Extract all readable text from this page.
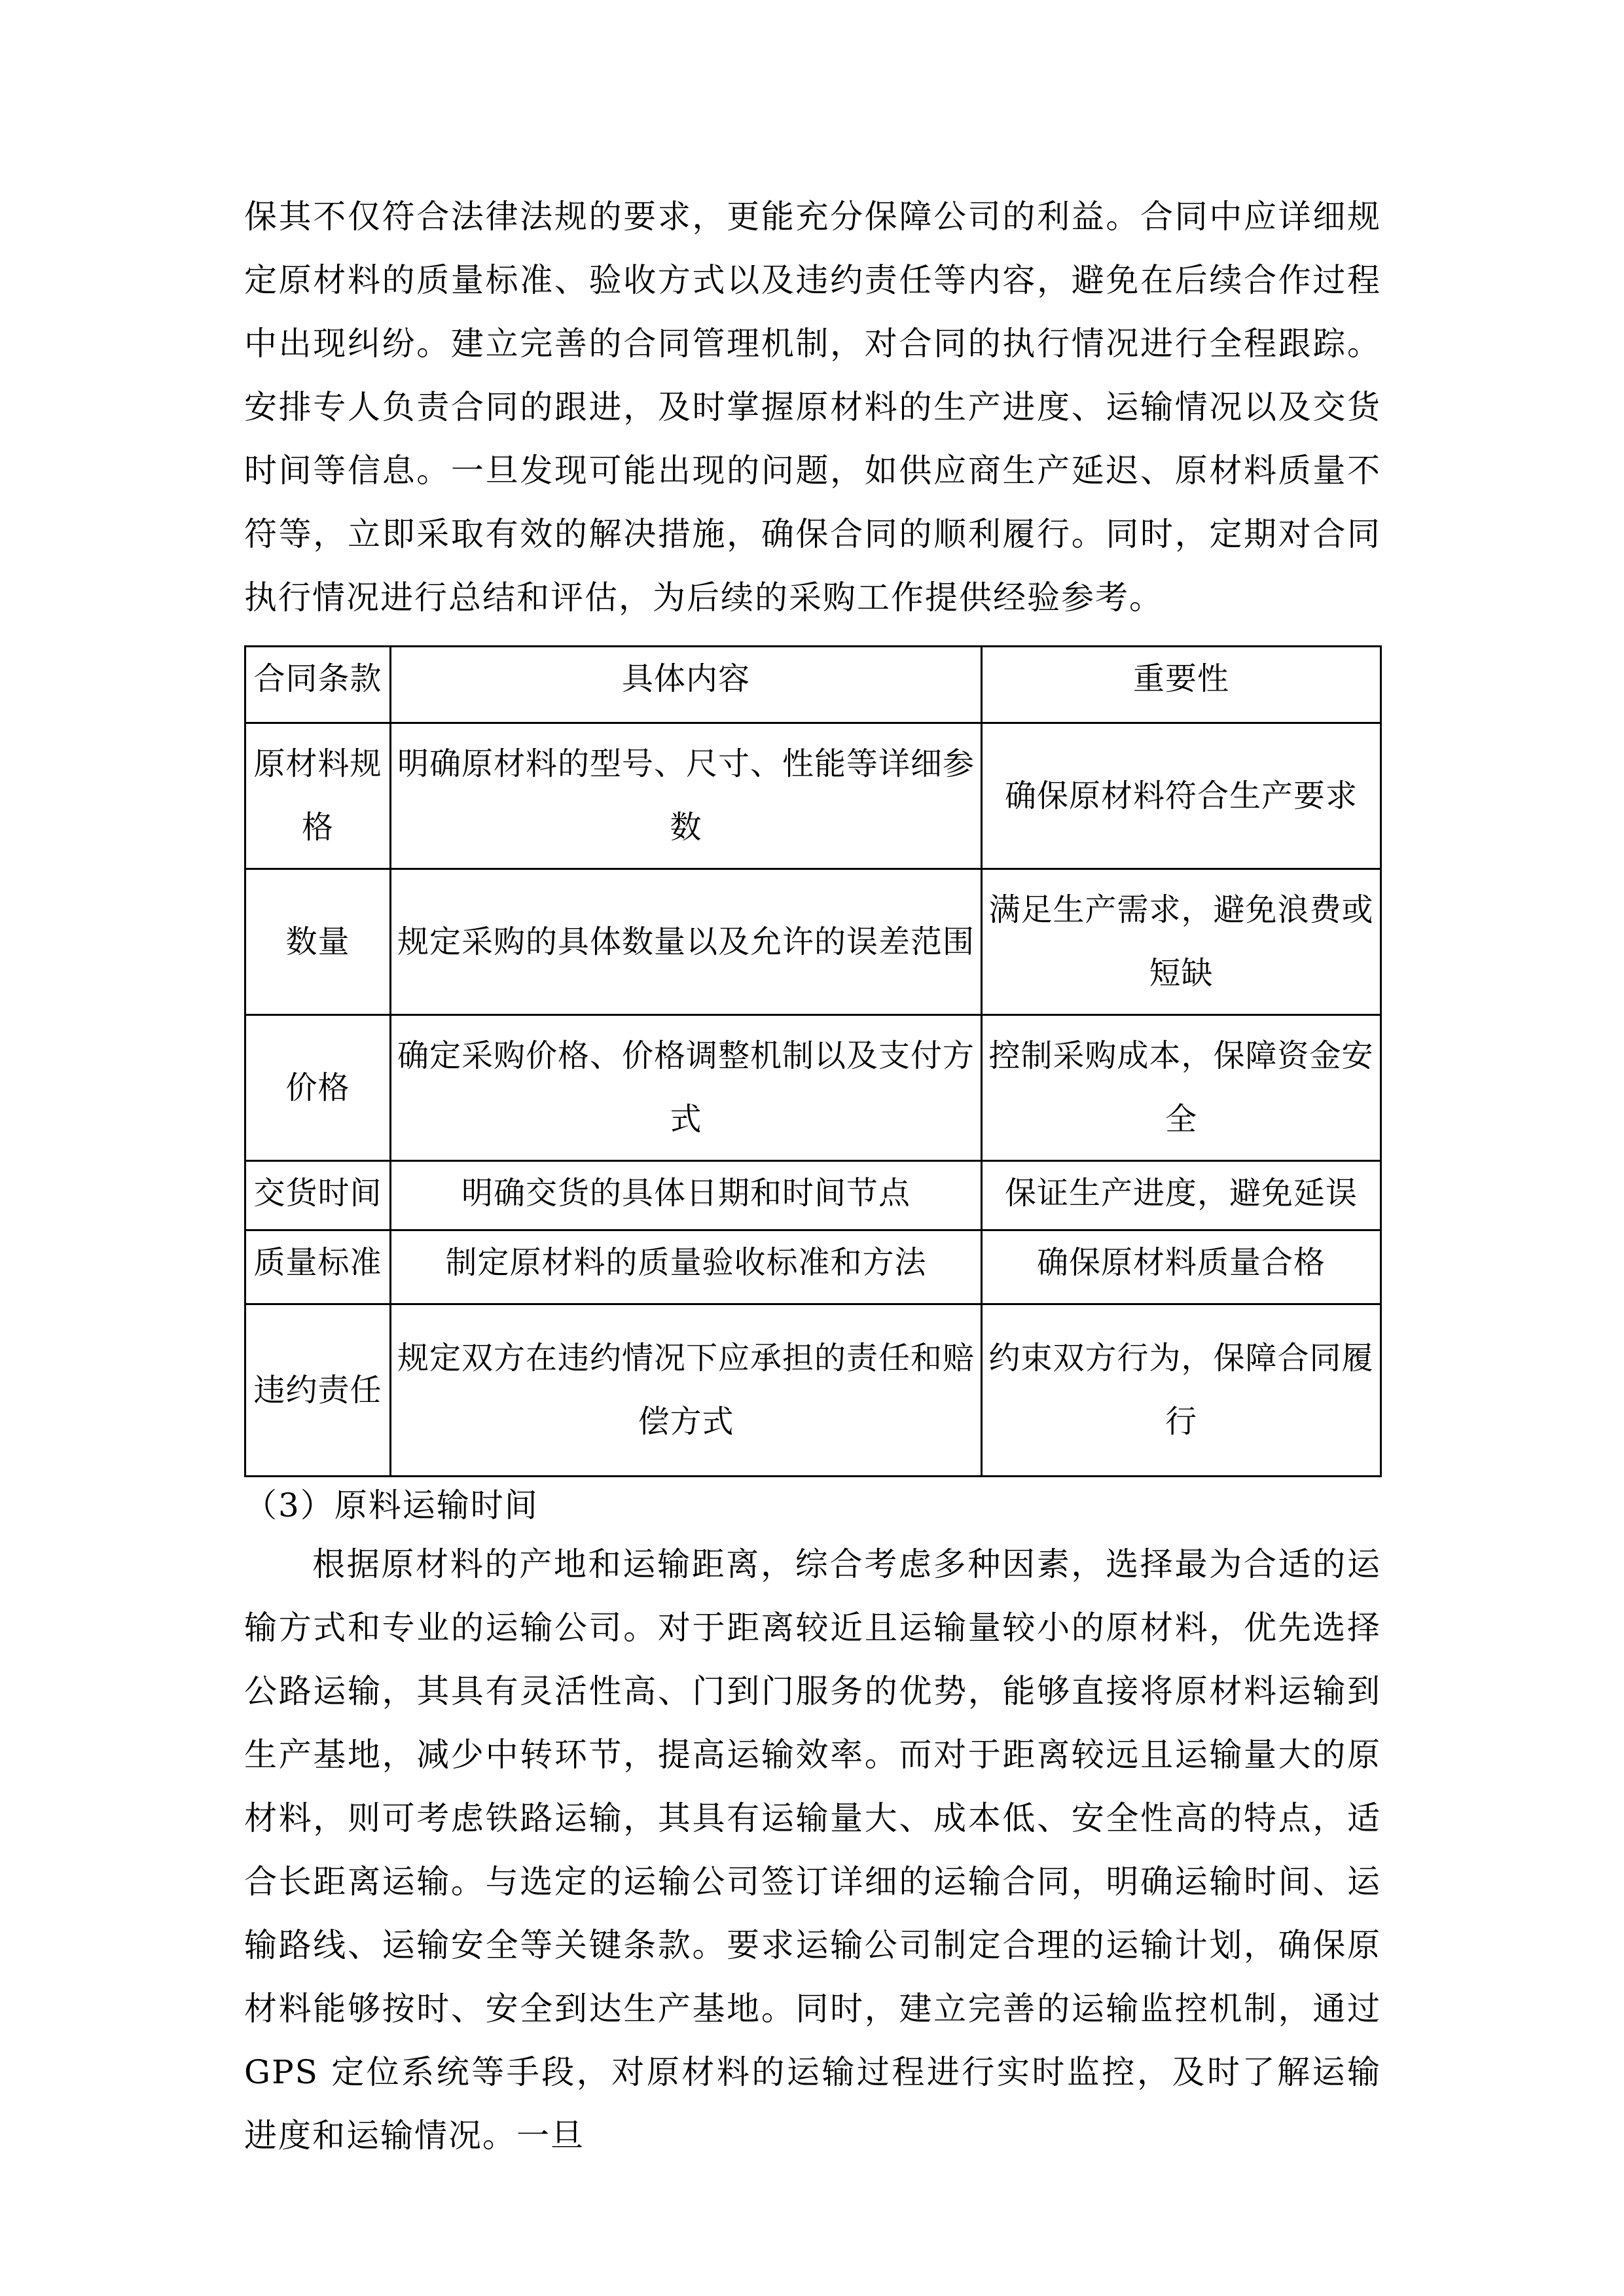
保其不仅符合法律法规的要求，更能充分保障公司的利益。合同中应详细规定原材料的质量标准、验收方式以及违约责任等内容，避免在后续合作过程中出现纠纷。建立完善的合同管理机制，对合同的执行情况进行全程跟踪。安排专人负责合同的跟进，及时掌握原材料的生产进度、运输情况以及交货时间等信息。一旦发现可能出现的问题，如供应商生产延迟、原材料质量不符等，立即采取有效的解决措施，确保合同的顺利履行。同时，定期对合同执行情况进行总结和评估，为后续的采购工作提供经验参考。

合同条款	具体内容	重要性
原材料规格	明确原材料的型号、尺寸、性能等详细参数	确保原材料符合生产要求
数量	规定采购的具体数量以及允许的误差范围	满足生产需求，避免浪费或短缺
价格	确定采购价格、价格调整机制以及支付方式	控制采购成本，保障资金安全
交货时间	明确交货的具体日期和时间节点	保证生产进度，避免延误
质量标准	制定原材料的质量验收标准和方法	确保原材料质量合格
违约责任	规定双方在违约情况下应承担的责任和赔偿方式	约束双方行为，保障合同履行
（3）原料运输时间

根据原材料的产地和运输距离，综合考虑多种因素，选择最为合适的运输方式和专业的运输公司。对于距离较近且运输量较小的原材料，优先选择公路运输，其具有灵活性高、门到门服务的优势，能够直接将原材料运输到生产基地，减少中转环节，提高运输效率。而对于距离较远且运输量大的原材料，则可考虑铁路运输，其具有运输量大、成本低、安全性高的特点，适合长距离运输。与选定的运输公司签订详细的运输合同，明确运输时间、运输路线、运输安全等关键条款。要求运输公司制定合理的运输计划，确保原材料能够按时、安全到达生产基地。同时，建立完善的运输监控机制，通过 GPS 定位系统等手段，对原材料的运输过程进行实时监控，及时了解运输进度和运输情况。一旦
